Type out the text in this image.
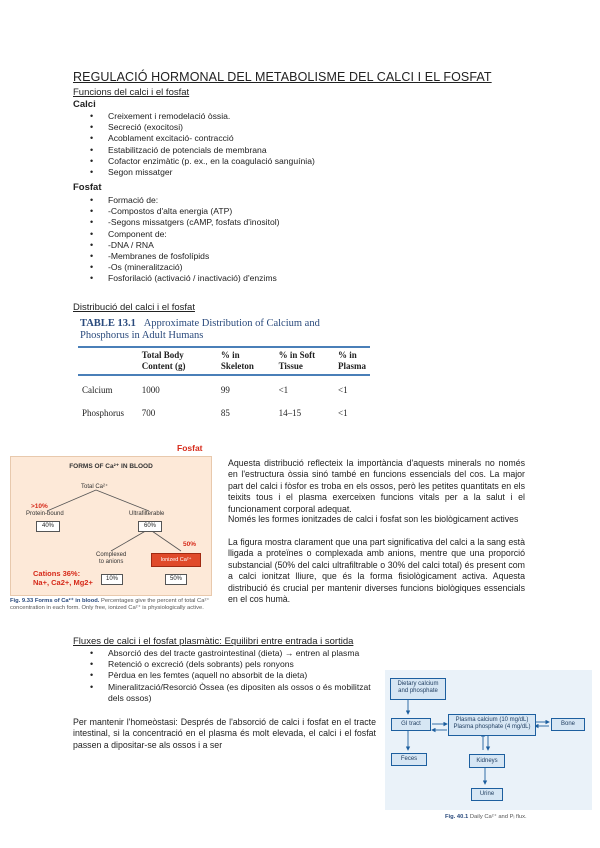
REGULACIÓ HORMONAL DEL METABOLISME DEL CALCI I EL FOSFAT
Funcions del calci i el fosfat
Calci
• Creixement i remodelació òssia.
• Secreció (exocitosi)
• Acoblament excitació- contracció
• Estabilització de potencials de membrana
• Cofactor enzimàtic (p. ex., en la coagulació sanguínia)
• Segon missatger
Fosfat
• Formació de:
• -Compostos d'alta energia (ATP)
• -Segons missatgers (cAMP, fosfats d'inositol)
• Component de:
• -DNA / RNA
• -Membranes de fosfolípids
• -Os (mineralització)
• Fosforilació (activació / inactivació) d'enzims
Distribució del calci i el fosfat
TABLE 13.1 Approximate Distribution of Calcium and
Phosphorus in Adult Humans
	Total Body
Content (g)	% in
Skeleton	% in Soft
Tissue	% in
Plasma
Calcium	1000	99	<1	<1
Phosphorus	700	85	14–15	<1
Fosfat
FORMS OF Ca²⁺ IN BLOOD
Total Ca²⁺
>10%
Protein-bound
40%
Ultrafilterable
60%
50%
Complexed
to anions
10%
Ionized Ca²⁺
50%
Cations 36%:
Na+, Ca2+, Mg2+
Fig. 9.33 Forms of Ca²⁺ in blood. Percentages give the percent of total Ca²⁺ concentration in each form. Only free, ionized Ca²⁺ is physiologically active.
Aquesta distribució reflecteix la importància d'aquests minerals no només en l'estructura òssia sinó també en funcions essencials del cos. La major part del calci i fòsfor es troba en els ossos, però les petites quantitats en els teixits tous i el plasma exerceixen funcions vitals per a la salut i el funcionament corporal adequat.
Només les formes ionitzades de calci i fosfat son les biològicament actives
La figura mostra clarament que una part significativa del calci a la sang està lligada a proteïnes o complexada amb anions, mentre que una proporció substancial (50% del calci ultrafiltrable o 30% del calci total) és present com a calci ionitzat lliure, que és la forma fisiològicament activa. Aquesta distribució és crucial per mantenir diverses funcions biològiques essencials en el cos humà.
Fluxes de calci i el fosfat plasmàtic: Equilibri entre entrada i sortida
• Absorció des del tracte gastrointestinal (dieta) → entren al plasma
• Retenció o excreció (dels sobrants) pels ronyons
• Pèrdua en les femtes (aquell no absorbit de la dieta)
• Mineralització/Resorció Òssea (es dipositen als ossos o és mobilitzat dels ossos)
Per mantenir l'homeòstasi: Després de l'absorció de calci i fosfat en el tracte intestinal, si la concentració en el plasma és molt elevada, el calci i el fosfat passen a dipositar-se als ossos i a ser
Dietary calcium
and phosphate
GI tract
Plasma calcium (10 mg/dL)
Plasma phosphate (4 mg/dL)	Bone
Feces	Kidneys
Urine
Fig. 40.1 Daily Ca²⁺ and Pᵢ flux.
